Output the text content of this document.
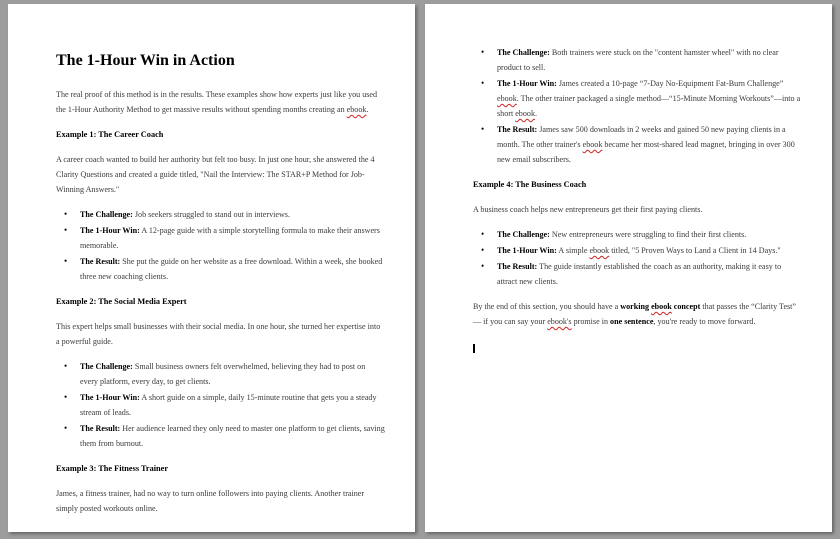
The 1-Hour Win in Action

The real proof of this method is in the results. These examples show how experts just like you used the 1-Hour Authority Method to get massive results without spending months creating an ebook.

Example 1: The Career Coach

A career coach wanted to build her authority but felt too busy. In just one hour, she answered the 4 Clarity Questions and created a guide titled, "Nail the Interview: The STAR+P Method for Job-Winning Answers."

• The Challenge: Job seekers struggled to stand out in interviews.
• The 1-Hour Win: A 12-page guide with a simple storytelling formula to make their answers memorable.
• The Result: She put the guide on her website as a free download. Within a week, she booked three new coaching clients.
Example 2: The Social Media Expert

This expert helps small businesses with their social media. In one hour, she turned her expertise into a powerful guide.

• The Challenge: Small business owners felt overwhelmed, believing they had to post on every platform, every day, to get clients.
• The 1-Hour Win: A short guide on a simple, daily 15-minute routine that gets you a steady stream of leads.
• The Result: Her audience learned they only need to master one platform to get clients, saving them from burnout.
Example 3: The Fitness Trainer

James, a fitness trainer, had no way to turn online followers into paying clients. Another trainer simply posted workouts online.

• The Challenge: Both trainers were stuck on the "content hamster wheel" with no clear product to sell.
• The 1-Hour Win: James created a 10-page “7-Day No-Equipment Fat-Burn Challenge” ebook. The other trainer packaged a single method—“15-Minute Morning Workouts”—into a short ebook.
• The Result: James saw 500 downloads in 2 weeks and gained 50 new paying clients in a month. The other trainer's ebook became her most-shared lead magnet, bringing in over 300 new email subscribers.
Example 4: The Business Coach

A business coach helps new entrepreneurs get their first paying clients.

• The Challenge: New entrepreneurs were struggling to find their first clients.
• The 1-Hour Win: A simple ebook titled, "5 Proven Ways to Land a Client in 14 Days."
• The Result: The guide instantly established the coach as an authority, making it easy to attract new clients.

By the end of this section, you should have a working ebook concept that passes the “Clarity Test” — if you can say your ebook's promise in one sentence, you're ready to move forward.
